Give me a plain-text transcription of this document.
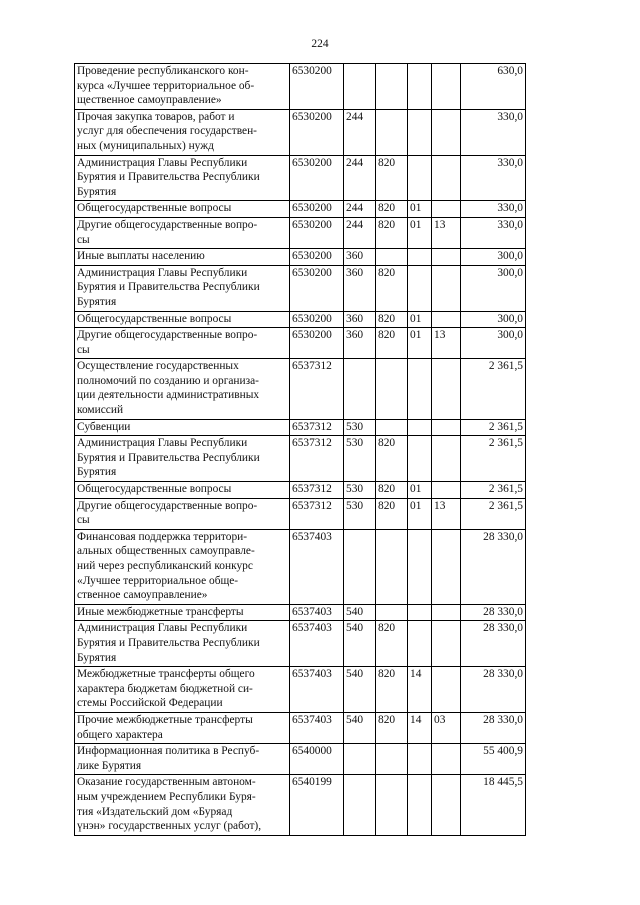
224
Проведение республиканского кон-
курса «Лучшее территориальное об-
щественное самоуправление»	6530200					630,0
Прочая закупка товаров, работ и
услуг для обеспечения государствен-
ных (муниципальных) нужд	6530200	244				330,0
Администрация Главы Республики
Бурятия и Правительства Республики
Бурятия	6530200	244	820			330,0
Общегосударственные вопросы	6530200	244	820	01		330,0
Другие общегосударственные вопро-
сы	6530200	244	820	01	13	330,0
Иные выплаты населению	6530200	360				300,0
Администрация Главы Республики
Бурятия и Правительства Республики
Бурятия	6530200	360	820			300,0
Общегосударственные вопросы	6530200	360	820	01		300,0
Другие общегосударственные вопро-
сы	6530200	360	820	01	13	300,0
Осуществление государственных
полномочий по созданию и организа-
ции деятельности административных
комиссий	6537312					2 361,5
Субвенции	6537312	530				2 361,5
Администрация Главы Республики
Бурятия и Правительства Республики
Бурятия	6537312	530	820			2 361,5
Общегосударственные вопросы	6537312	530	820	01		2 361,5
Другие общегосударственные вопро-
сы	6537312	530	820	01	13	2 361,5
Финансовая поддержка территори-
альных общественных самоуправле-
ний через республиканский конкурс
«Лучшее территориальное обще-
ственное самоуправление»	6537403					28 330,0
Иные межбюджетные трансферты	6537403	540				28 330,0
Администрация Главы Республики
Бурятия и Правительства Республики
Бурятия	6537403	540	820			28 330,0
Межбюджетные трансферты общего
характера бюджетам бюджетной си-
стемы Российской Федерации	6537403	540	820	14		28 330,0
Прочие межбюджетные трансферты
общего характера	6537403	540	820	14	03	28 330,0
Информационная политика в Респуб-
лике Бурятия	6540000					55 400,9
Оказание государственным автоном-
ным учреждением Республики Буря-
тия «Издательский дом «Буряад
үнэн» государственных услуг (работ),	6540199					18 445,5
